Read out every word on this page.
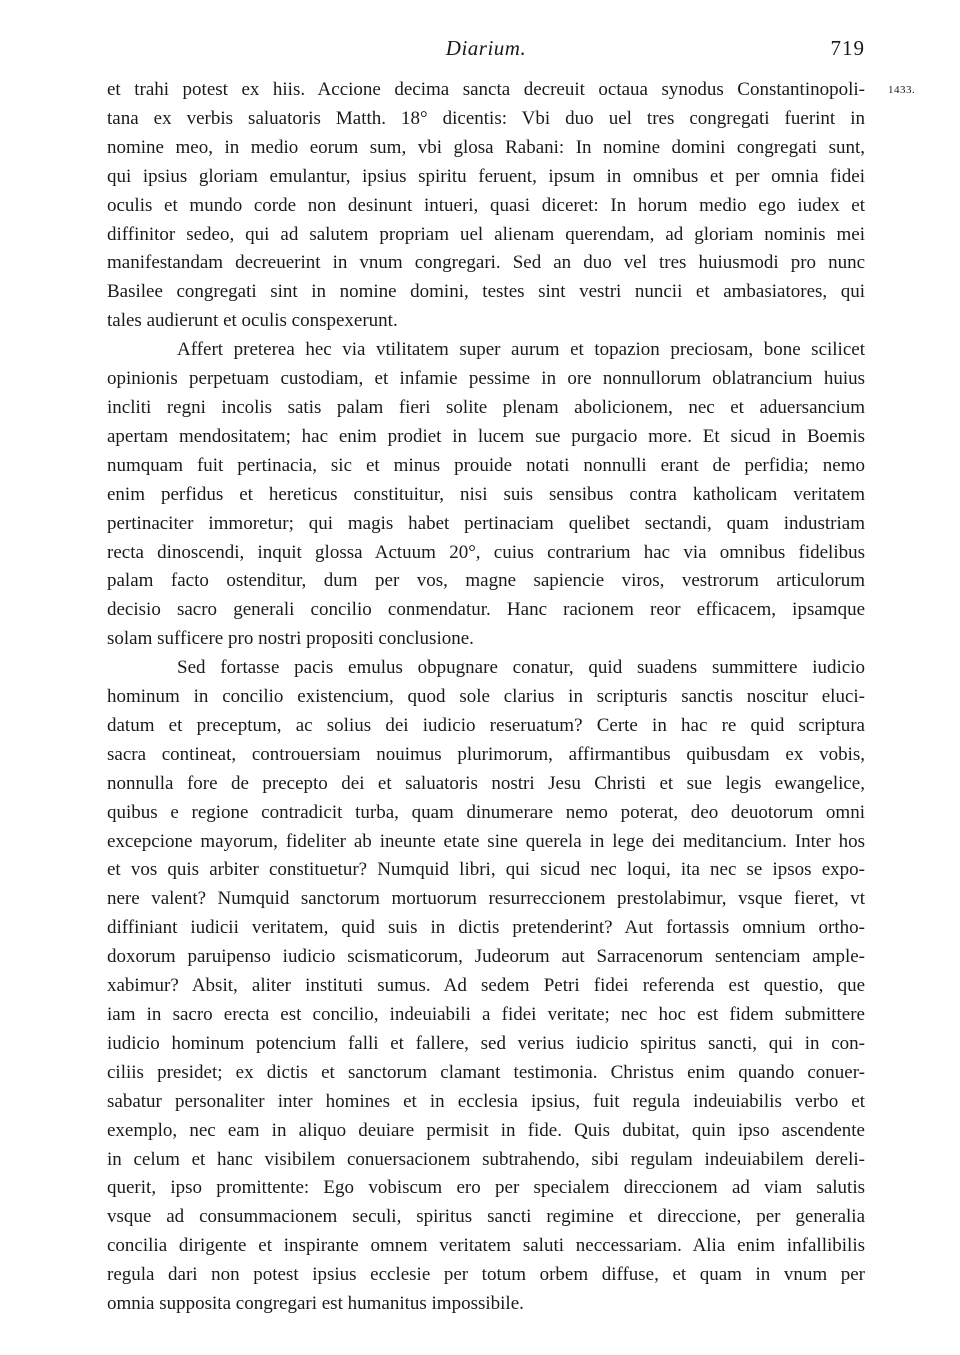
Diarium.	719
1433.

et trahi potest ex hiis. Accione decima sancta decreuit octaua synodus Constantinopoli-
tana ex verbis saluatoris Matth. 18° dicentis: Vbi duo uel tres congregati fuerint in
nomine meo, in medio eorum sum, vbi glosa Rabani: In nomine domini congregati sunt,
qui ipsius gloriam emulantur, ipsius spiritu feruent, ipsum in omnibus et per omnia fidei
oculis et mundo corde non desinunt intueri, quasi diceret: In horum medio ego iudex et
diffinitor sedeo, qui ad salutem propriam uel alienam querendam, ad gloriam nominis mei
manifestandam decreuerint in vnum congregari. Sed an duo vel tres huiusmodi pro nunc
Basilee congregati sint in nomine domini, testes sint vestri nuncii et ambasiatores, qui
tales audierunt et oculis conspexerunt.

Affert preterea hec via vtilitatem super aurum et topazion preciosam, bone scilicet
opinionis perpetuam custodiam, et infamie pessime in ore nonnullorum oblatrancium huius
incliti regni incolis satis palam fieri solite plenam abolicionem, nec et aduersancium
apertam mendositatem; hac enim prodiet in lucem sue purgacio more. Et sicud in Boemis
numquam fuit pertinacia, sic et minus prouide notati nonnulli erant de perfidia; nemo
enim perfidus et hereticus constituitur, nisi suis sensibus contra katholicam veritatem
pertinaciter immoretur; qui magis habet pertinaciam quelibet sectandi, quam industriam
recta dinoscendi, inquit glossa Actuum 20°, cuius contrarium hac via omnibus fidelibus
palam facto ostenditur, dum per vos, magne sapiencie viros, vestrorum articulorum
decisio sacro generali concilio conmendatur. Hanc racionem reor efficacem, ipsamque
solam sufficere pro nostri propositi conclusione.

Sed fortasse pacis emulus obpugnare conatur, quid suadens summittere iudicio
hominum in concilio existencium, quod sole clarius in scripturis sanctis noscitur eluci-
datum et preceptum, ac solius dei iudicio reseruatum? Certe in hac re quid scriptura
sacra contineat, controuersiam nouimus plurimorum, affirmantibus quibusdam ex vobis,
nonnulla fore de precepto dei et saluatoris nostri Jesu Christi et sue legis ewangelice,
quibus e regione contradicit turba, quam dinumerare nemo poterat, deo deuotorum omni
excepcione mayorum, fideliter ab ineunte etate sine querela in lege dei meditancium. Inter hos
et vos quis arbiter constituetur? Numquid libri, qui sicud nec loqui, ita nec se ipsos expo-
nere valent? Numquid sanctorum mortuorum resurreccionem prestolabimur, vsque fieret, vt
diffiniant iudicii veritatem, quid suis in dictis pretenderint? Aut fortassis omnium ortho-
doxorum paruipenso iudicio scismaticorum, Judeorum aut Sarracenorum sentenciam ample-
xabimur? Absit, aliter instituti sumus. Ad sedem Petri fidei referenda est questio, que
iam in sacro erecta est concilio, indeuiabili a fidei veritate; nec hoc est fidem submittere
iudicio hominum potencium falli et fallere, sed verius iudicio spiritus sancti, qui in con-
ciliis presidet; ex dictis et sanctorum clamant testimonia. Christus enim quando conuer-
sabatur personaliter inter homines et in ecclesia ipsius, fuit regula indeuiabilis verbo et
exemplo, nec eam in aliquo deuiare permisit in fide. Quis dubitat, quin ipso ascendente
in celum et hanc visibilem conuersacionem subtrahendo, sibi regulam indeuiabilem dereli-
querit, ipso promittente: Ego vobiscum ero per specialem direccionem ad viam salutis
vsque ad consummacionem seculi, spiritus sancti regimine et direccione, per generalia
concilia dirigente et inspirante omnem veritatem saluti neccessariam. Alia enim infallibilis
regula dari non potest ipsius ecclesie per totum orbem diffuse, et quam in vnum per
omnia supposita congregari est humanitus impossibile.
